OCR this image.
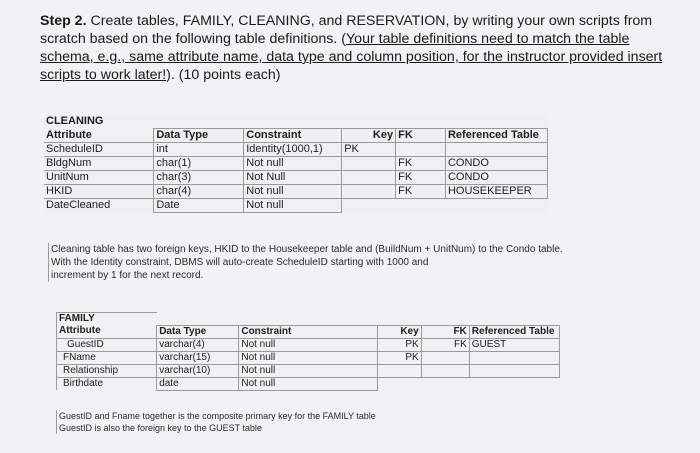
Step 2. Create tables, FAMILY, CLEANING, and RESERVATION, by writing your own scripts from scratch based on the following table definitions. (Your table definitions need to match the table schema, e.g., same attribute name, data type and column position, for the instructor provided insert scripts to work later!). (10 points each)
CLEANING					
Attribute	Data Type	Constraint	Key	FK	Referenced Table
ScheduleID	int	Identity(1000,1)	PK		
BldgNum	char(1)	Not null		FK	CONDO
UnitNum	char(3)	Not Null		FK	CONDO
HKID	char(4)	Not null		FK	HOUSEKEEPER
DateCleaned	Date	Not null			
Cleaning table has two foreign keys, HKID to the Housekeeper table and (BuildNum + UnitNum) to the Condo table.
With the Identity constraint, DBMS will auto-create ScheduleID starting with 1000 and
increment by 1 for the next record.
FAMILY					
Attribute	Data Type	Constraint	Key	FK	Referenced Table
GuestID	varchar(4)	Not null	PK	FK	GUEST
FName	varchar(15)	Not null	PK		
Relationship	varchar(10)	Not null			
Birthdate	date	Not null			
GuestID and Fname together is the composite primary key for the FAMILY table
GuestID is also the foreign key to the GUEST table
